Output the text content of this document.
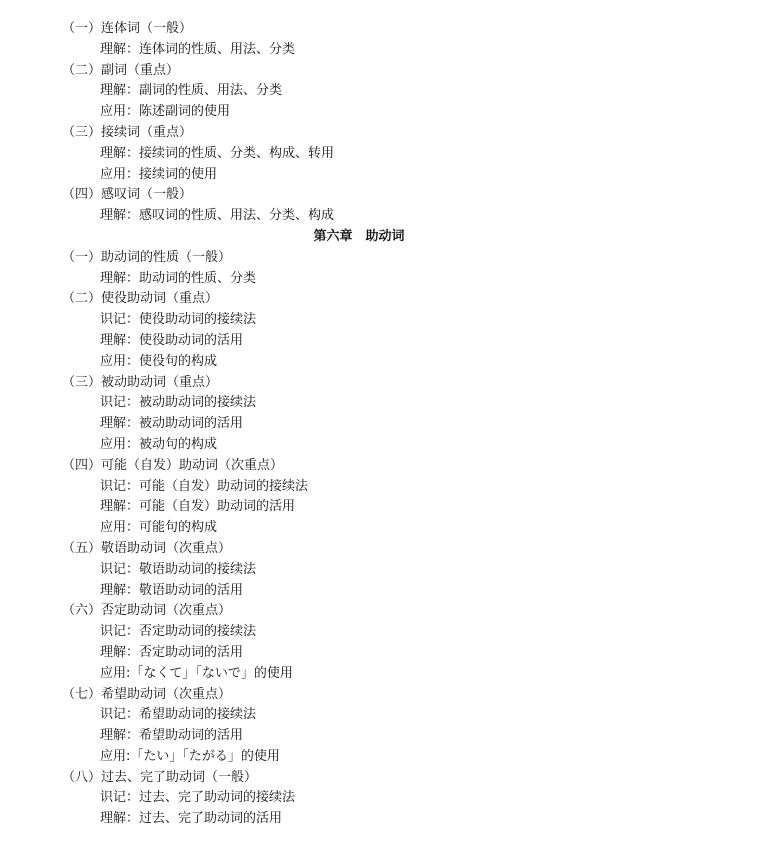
（一）连体词（一般）
理解：连体词的性质、用法、分类
（二）副词（重点）
理解：副词的性质、用法、分类
应用：陈述副词的使用
（三）接续词（重点）
理解：接续词的性质、分类、构成、转用
应用：接续词的使用
（四）感叹词（一般）
理解：感叹词的性质、用法、分类、构成
第六章　助动词
（一）助动词的性质（一般）
理解：助动词的性质、分类
（二）使役助动词（重点）
识记：使役助动词的接续法
理解：使役助动词的活用
应用：使役句的构成
（三）被动助动词（重点）
识记：被动助动词的接续法
理解：被动助动词的活用
应用：被动句的构成
（四）可能（自发）助动词（次重点）
识记：可能（自发）助动词的接续法
理解：可能（自发）助动词的活用
应用：可能句的构成
（五）敬语助动词（次重点）
识记：敬语助动词的接续法
理解：敬语助动词的活用
（六）否定助动词（次重点）
识记：否定助动词的接续法
理解：否定助动词的活用
应用:「なくて」「ないで」的使用
（七）希望助动词（次重点）
识记：希望助动词的接续法
理解：希望助动词的活用
应用:「たい」「たがる」的使用
（八）过去、完了助动词（一般）
识记：过去、完了助动词的接续法
理解：过去、完了助动词的活用
